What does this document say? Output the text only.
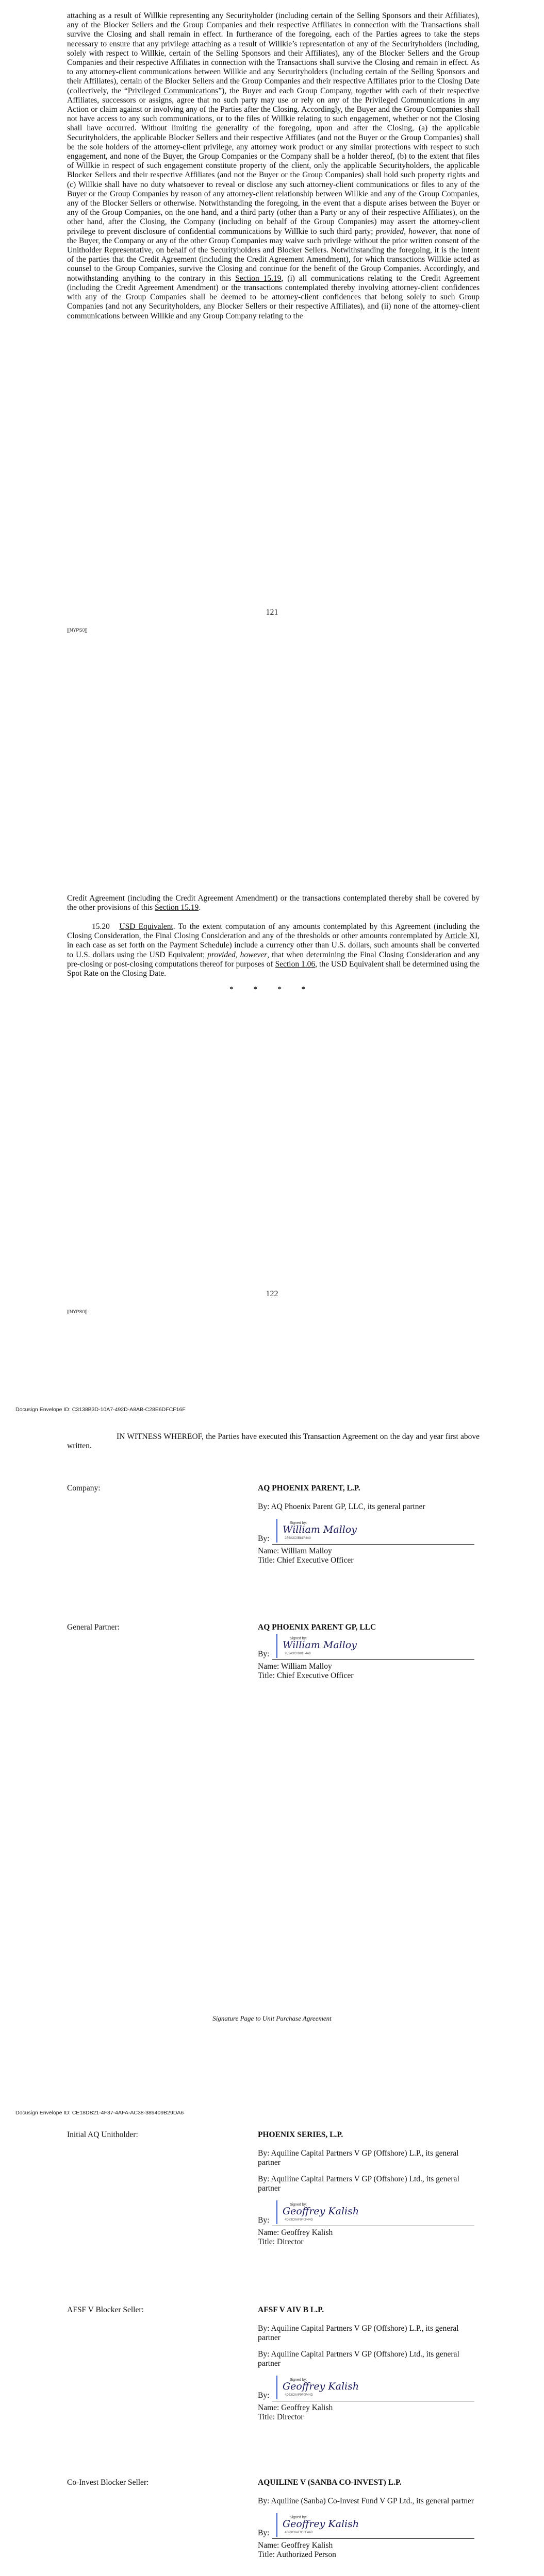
attaching as a result of Willkie representing any Securityholder (including certain of the Selling Sponsors and their Affiliates), any of the Blocker Sellers and the Group Companies and their respective Affiliates in connection with the Transactions shall survive the Closing and shall remain in effect. In furtherance of the foregoing, each of the Parties agrees to take the steps necessary to ensure that any privilege attaching as a result of Willkie’s representation of any of the Securityholders (including, solely with respect to Willkie, certain of the Selling Sponsors and their Affiliates), any of the Blocker Sellers and the Group Companies and their respective Affiliates in connection with the Transactions shall survive the Closing and remain in effect. As to any attorney-client communications between Willkie and any Securityholders (including certain of the Selling Sponsors and their Affiliates), certain of the Blocker Sellers and the Group Companies and their respective Affiliates prior to the Closing Date (collectively, the “Privileged Communications”), the Buyer and each Group Company, together with each of their respective Affiliates, successors or assigns, agree that no such party may use or rely on any of the Privileged Communications in any Action or claim against or involving any of the Parties after the Closing. Accordingly, the Buyer and the Group Companies shall not have access to any such communications, or to the files of Willkie relating to such engagement, whether or not the Closing shall have occurred. Without limiting the generality of the foregoing, upon and after the Closing, (a) the applicable Securityholders, the applicable Blocker Sellers and their respective Affiliates (and not the Buyer or the Group Companies) shall be the sole holders of the attorney-client privilege, any attorney work product or any similar protections with respect to such engagement, and none of the Buyer, the Group Companies or the Company shall be a holder thereof, (b) to the extent that files of Willkie in respect of such engagement constitute property of the client, only the applicable Securityholders, the applicable Blocker Sellers and their respective Affiliates (and not the Buyer or the Group Companies) shall hold such property rights and (c) Willkie shall have no duty whatsoever to reveal or disclose any such attorney-client communications or files to any of the Buyer or the Group Companies by reason of any attorney-client relationship between Willkie and any of the Group Companies, any of the Blocker Sellers or otherwise. Notwithstanding the foregoing, in the event that a dispute arises between the Buyer or any of the Group Companies, on the one hand, and a third party (other than a Party or any of their respective Affiliates), on the other hand, after the Closing, the Company (including on behalf of the Group Companies) may assert the attorney-client privilege to prevent disclosure of confidential communications by Willkie to such third party; provided, however, that none of the Buyer, the Company or any of the other Group Companies may waive such privilege without the prior written consent of the Unitholder Representative, on behalf of the Securityholders and Blocker Sellers. Notwithstanding the foregoing, it is the intent of the parties that the Credit Agreement (including the Credit Agreement Amendment), for which transactions Willkie acted as counsel to the Group Companies, survive the Closing and continue for the benefit of the Group Companies. Accordingly, and notwithstanding anything to the contrary in this Section 15.19, (i) all communications relating to the Credit Agreement (including the Credit Agreement Amendment) or the transactions contemplated thereby involving attorney-client confidences with any of the Group Companies shall be deemed to be attorney-client confidences that belong solely to such Group Companies (and not any Securityholders, any Blocker Sellers or their respective Affiliates), and (ii) none of the attorney-client communications between Willkie and any Group Company relating to the

121
[[NYPS0]]

Credit Agreement (including the Credit Agreement Amendment) or the transactions contemplated thereby shall be covered by the other provisions of this Section 15.19.

15.20 USD Equivalent. To the extent computation of any amounts contemplated by this Agreement (including the Closing Consideration, the Final Closing Consideration and any of the thresholds or other amounts contemplated by Article XI, in each case as set forth on the Payment Schedule) include a currency other than U.S. dollars, such amounts shall be converted to U.S. dollars using the USD Equivalent; provided, however, that when determining the Final Closing Consideration and any pre-closing or post-closing computations thereof for purposes of Section 1.06, the USD Equivalent shall be determined using the Spot Rate on the Closing Date.

* * * *
122
[[NYPS0]]
Docusign Envelope ID: C3138B3D-10A7-492D-A8AB-C28E6DFCF16F

IN WITNESS WHEREOF, the Parties have executed this Transaction Agreement on the day and year first above written.

Company:	AQ PHOENIX PARENT, L.P.
By: AQ Phoenix Parent GP, LLC, its general partner
By:
Signed by:
William Malloy
2E5A3C0B81F4A0
Name: William Malloy
Title: Chief Executive Officer
General Partner:	AQ PHOENIX PARENT GP, LLC
By:
Signed by:
William Malloy
2E5A3C0B81F4A0
Name: William Malloy
Title: Chief Executive Officer
Signature Page to Unit Purchase Agreement
Docusign Envelope ID: CE18DB21-4F37-4AFA-AC38-389409B29DA6
Initial AQ Unitholder:	PHOENIX SERIES, L.P.
By: Aquiline Capital Partners V GP (Offshore) L.P., its general partner
By: Aquiline Capital Partners V GP (Offshore) Ltd., its general partner
By:
Signed by:
Geoffrey Kalish
4D23C0AF9F0F44D
Name: Geoffrey Kalish
Title: Director
AFSF V Blocker Seller:	AFSF V AIV B L.P.
By: Aquiline Capital Partners V GP (Offshore) L.P., its general partner
By: Aquiline Capital Partners V GP (Offshore) Ltd., its general partner
By:
Signed by:
Geoffrey Kalish
4D23C0AF9F0F44D
Name: Geoffrey Kalish
Title: Director
Co-Invest Blocker Seller:	AQUILINE V (SANBA CO-INVEST) L.P.
By: Aquiline (Sanba) Co-Invest Fund V GP Ltd., its general partner
By:
Signed by:
Geoffrey Kalish
4D23C0AF9F0F44D
Name: Geoffrey Kalish
Title: Authorized Person
